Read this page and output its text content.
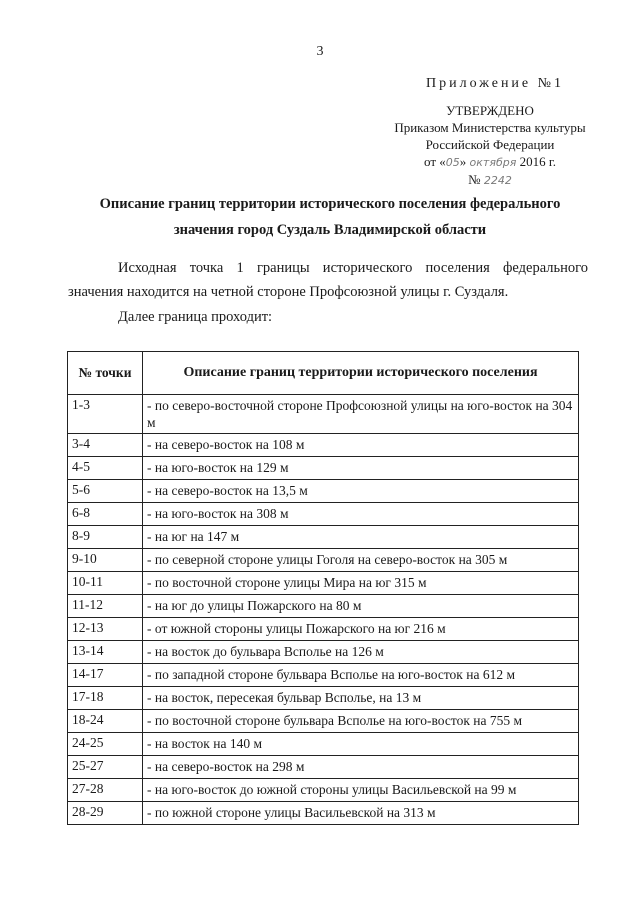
3
Приложение №1
УТВЕРЖДЕНО
Приказом Министерства культуры
Российской Федерации
от «05» октября 2016 г.
№ 2242
Описание границ территории исторического поселения федерального значения город Суздаль Владимирской области
Исходная точка 1 границы исторического поселения федерального значения находится на четной стороне Профсоюзной улицы г. Суздаля.
Далее граница проходит:
№ точки	Описание границ территории исторического поселения
1-3	- по северо-восточной стороне Профсоюзной улицы на юго-восток на 304 м
3-4	- на северо-восток на 108 м
4-5	- на юго-восток на 129 м
5-6	- на северо-восток на 13,5 м
6-8	- на юго-восток на 308 м
8-9	- на юг на 147 м
9-10	- по северной стороне улицы Гоголя на северо-восток на 305 м
10-11	- по восточной стороне улицы Мира на юг 315 м
11-12	- на юг до улицы Пожарского на 80 м
12-13	- от южной стороны улицы Пожарского на юг 216 м
13-14	- на восток до бульвара Всполье на 126 м
14-17	- по западной стороне бульвара Всполье на юго-восток на 612 м
17-18	- на восток, пересекая бульвар Всполье, на 13 м
18-24	- по восточной стороне бульвара Всполье на юго-восток на 755 м
24-25	- на восток на 140 м
25-27	- на северо-восток на 298 м
27-28	- на юго-восток до южной стороны улицы Васильевской на 99 м
28-29	- по южной стороне улицы Васильевской на 313 м
